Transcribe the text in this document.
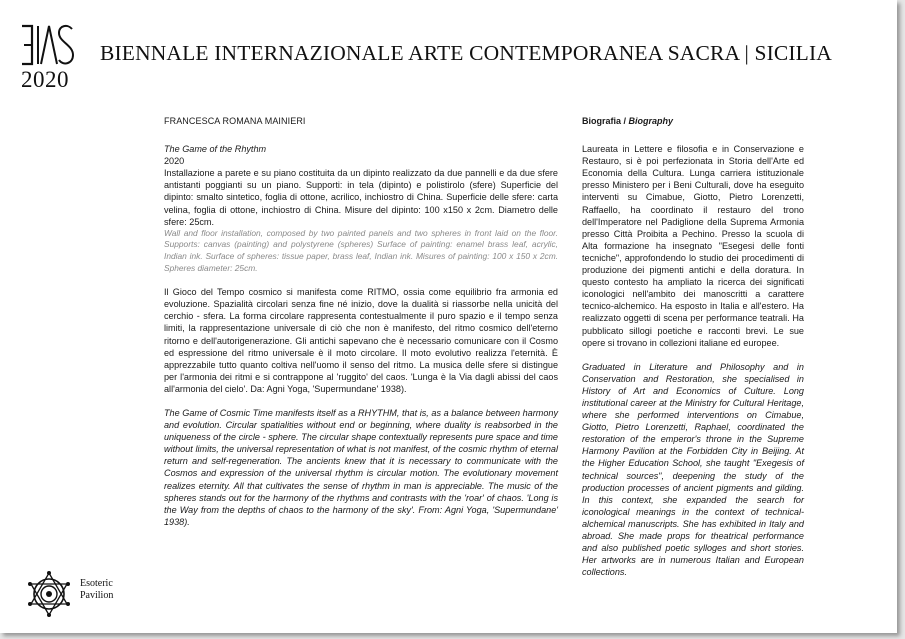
2020
BIENNALE INTERNAZIONALE ARTE CONTEMPORANEA SACRA | SICILIA

FRANCESCA ROMANA MAINIERI

The Game of the Rhythm

2020

Installazione a parete e su piano costituita da un dipinto realizzato da due pannelli e da due sfere antistanti poggianti su un piano. Supporti: in tela (dipinto) e polistirolo (sfere) Superficie del dipinto: smalto sintetico, foglia di ottone, acrilico, inchiostro di China. Superficie delle sfere: carta velina, foglia di ottone, inchiostro di China. Misure del dipinto: 100 x150 x 2cm. Diametro delle sfere: 25cm.

Wall and floor installation, composed by two painted panels and two spheres in front laid on the floor. Supports: canvas (painting) and polystyrene (spheres) Surface of painting: enamel brass leaf, acrylic, Indian ink. Surface of spheres: tissue paper, brass leaf, Indian ink. Misures of painting: 100 x 150 x 2cm. Spheres diameter: 25cm.

Il Gioco del Tempo cosmico si manifesta come RITMO, ossia come equilibrio fra armonia ed evoluzione. Spazialità circolari senza fine né inizio, dove la dualità si riassorbe nella unicità del cerchio - sfera. La forma circolare rappresenta contestualmente il puro spazio e il tempo senza limiti, la rappresentazione universale di ciò che non è manifesto, del ritmo cosmico dell'eterno ritorno e dell'autorigenerazione. Gli antichi sapevano che è necessario comunicare con il Cosmo ed espressione del ritmo universale è il moto circolare. Il moto evolutivo realizza l'eternità. È apprezzabile tutto quanto coltiva nell'uomo il senso del ritmo. La musica delle sfere si distingue per l'armonia dei ritmi e si contrappone al 'ruggito' del caos. 'Lunga è la Via dagli abissi del caos all'armonia del cielo'. Da: Agni Yoga, 'Supermundane' 1938).

The Game of Cosmic Time manifests itself as a RHYTHM, that is, as a balance between harmony and evolution. Circular spatialities without end or beginning, where duality is reabsorbed in the uniqueness of the circle - sphere. The circular shape contextually represents pure space and time without limits, the universal representation of what is not manifest, of the cosmic rhythm of eternal return and self-regeneration. The ancients knew that it is necessary to communicate with the Cosmos and expression of the universal rhythm is circular motion. The evolutionary movement realizes eternity. All that cultivates the sense of rhythm in man is appreciable. The music of the spheres stands out for the harmony of the rhythms and contrasts with the 'roar' of chaos. 'Long is the Way from the depths of chaos to the harmony of the sky'. From: Agni Yoga, 'Supermundane' 1938).

Biografia / Biography

Laureata in Lettere e filosofia e in Conservazione e Restauro, si è poi perfezionata in Storia dell'Arte ed Economia della Cultura. Lunga carriera istituzionale presso Ministero per i Beni Culturali, dove ha eseguito interventi su Cimabue, Giotto, Pietro Lorenzetti, Raffaello, ha coordinato il restauro del trono dell'Imperatore nel Padiglione della Suprema Armonia presso Città Proibita a Pechino. Presso la scuola di Alta formazione ha insegnato "Esegesi delle fonti tecniche", approfondendo lo studio dei procedimenti di produzione dei pigmenti antichi e della doratura. In questo contesto ha ampliato la ricerca dei significati iconologici nell'ambito dei manoscritti a carattere tecnico-alchemico. Ha esposto in Italia e all'estero. Ha realizzato oggetti di scena per performance teatrali. Ha pubblicato sillogi poetiche e racconti brevi. Le sue opere si trovano in collezioni italiane ed europee.

Graduated in Literature and Philosophy and in Conservation and Restoration, she specialised in History of Art and Economics of Culture. Long institutional career at the Ministry for Cultural Heritage, where she performed interventions on Cimabue, Giotto, Pietro Lorenzetti, Raphael, coordinated the restoration of the emperor's throne in the Supreme Harmony Pavilion at the Forbidden City in Beijing. At the Higher Education School, she taught "Exegesis of technical sources", deepening the study of the production processes of ancient pigments and gilding. In this context, she expanded the search for iconological meanings in the context of technical-alchemical manuscripts. She has exhibited in Italy and abroad. She made props for theatrical performance and also published poetic sylloges and short stories. Her artworks are in numerous Italian and European collections.

Esoteric
Pavilion
